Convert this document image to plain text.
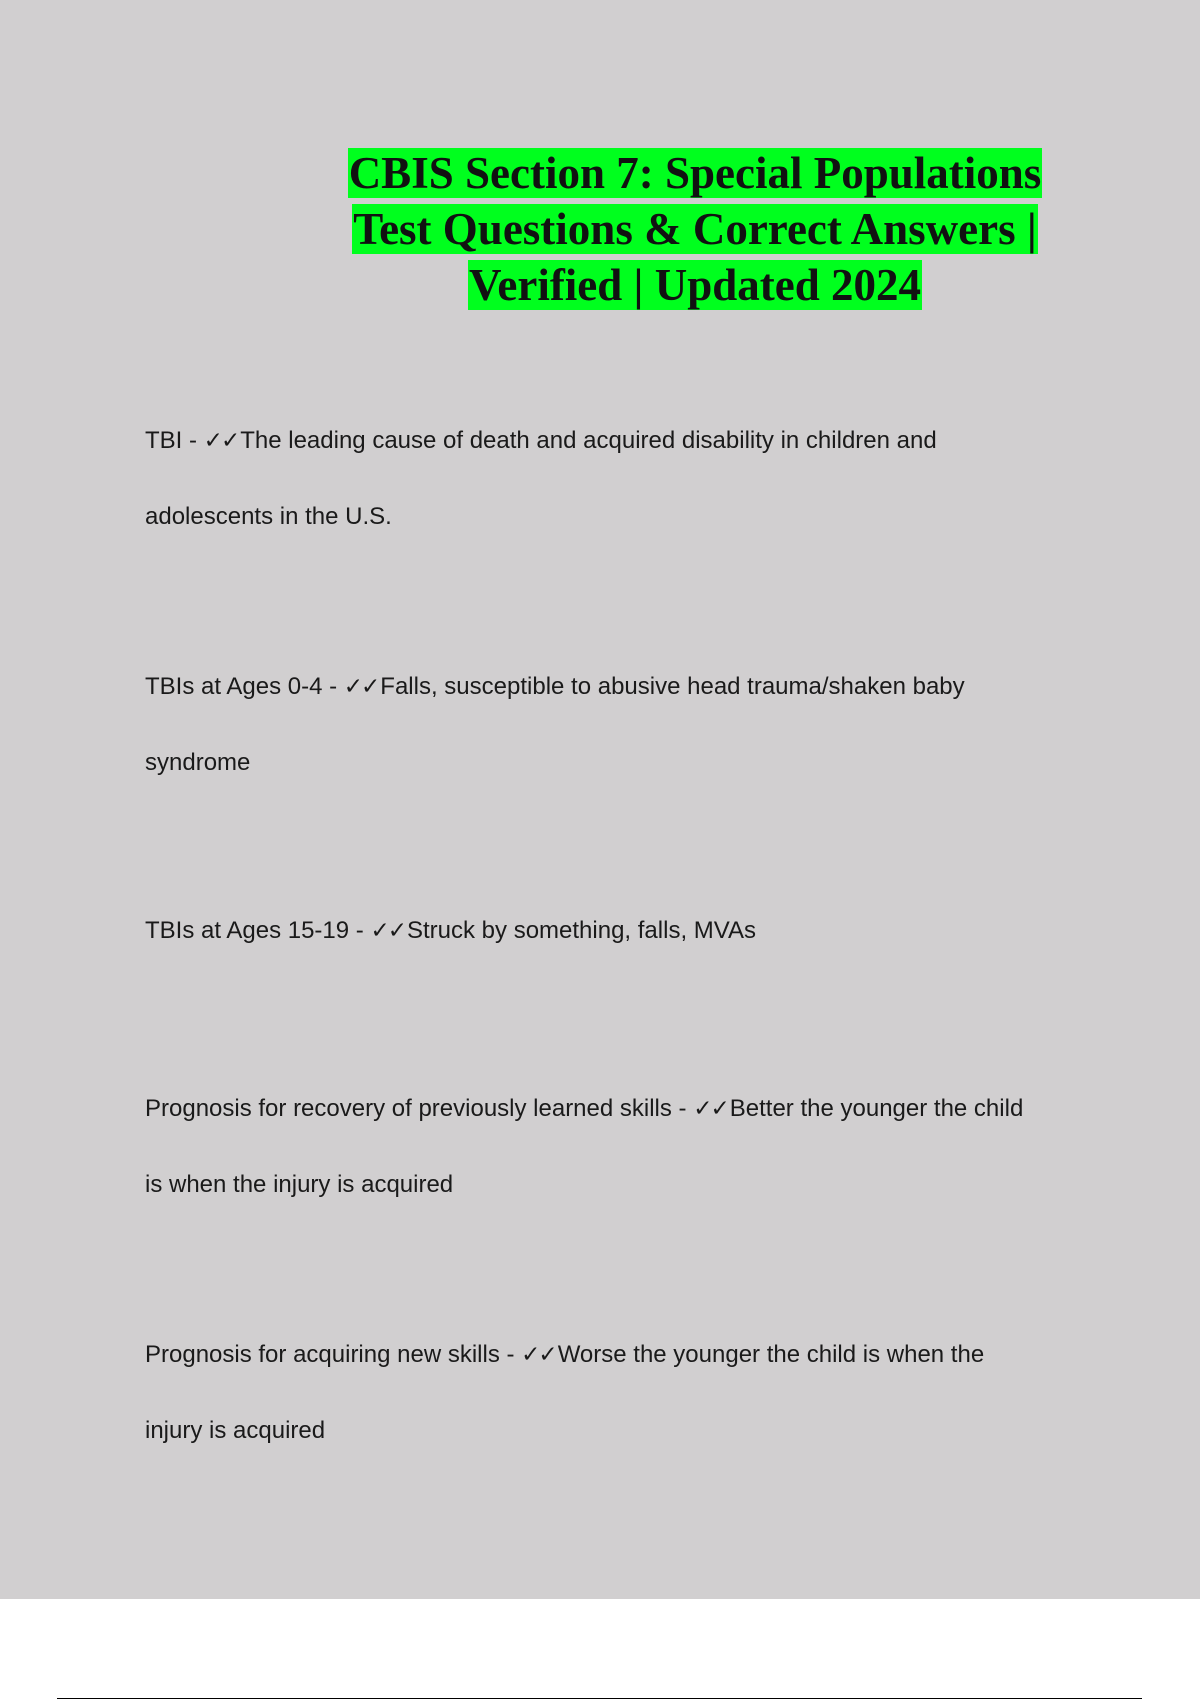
CBIS Section 7: Special Populations
Test Questions & Correct Answers |
Verified | Updated 2024

TBI - ✓✓The leading cause of death and acquired disability in children and adolescents in the U.S.

TBIs at Ages 0-4 - ✓✓Falls, susceptible to abusive head trauma/shaken baby syndrome

TBIs at Ages 15-19 - ✓✓Struck by something, falls, MVAs

Prognosis for recovery of previously learned skills - ✓✓Better the younger the child is when the injury is acquired

Prognosis for acquiring new skills - ✓✓Worse the younger the child is when the injury is acquired
